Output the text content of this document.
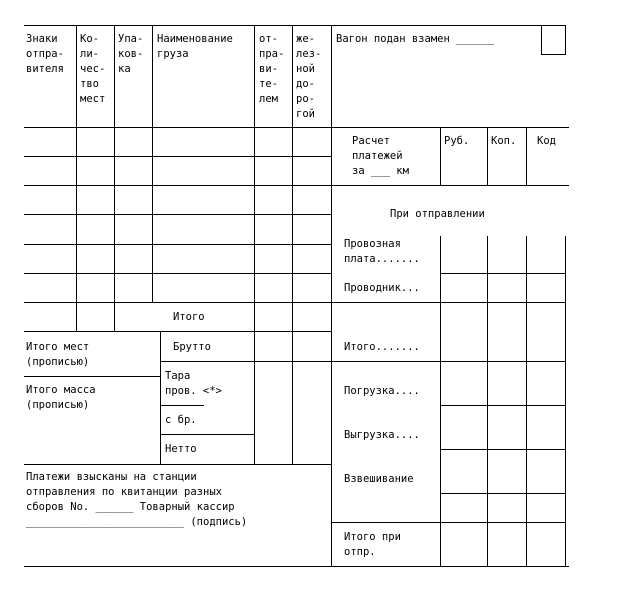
Знаки
отпра-
вителя
Ко-
ли-
чес-
тво
мест
Упа-
ков-
ка
Наименование
груза
от-
пра-
ви-
те-
лем
же-
лез-
ной
до-
ро-
гой
Вагон подан взамен ______
Расчет
платежей
за ___ км
Руб. Коп. Код
При отправлении
Провозная
плата.......
Проводник...
Итого.......
Погрузка....
Выгрузка....
Взвешивание
Итого при
отпр.
Итого
Итого мест
(прописью)
Итого масса
(прописью)
Брутто
Тара
пров. <*>
с бр.
Нетто
Платежи взысканы на станции
отправления по квитанции разных
сборов No. ______ Товарный кассир
_________________________ (подпись)
